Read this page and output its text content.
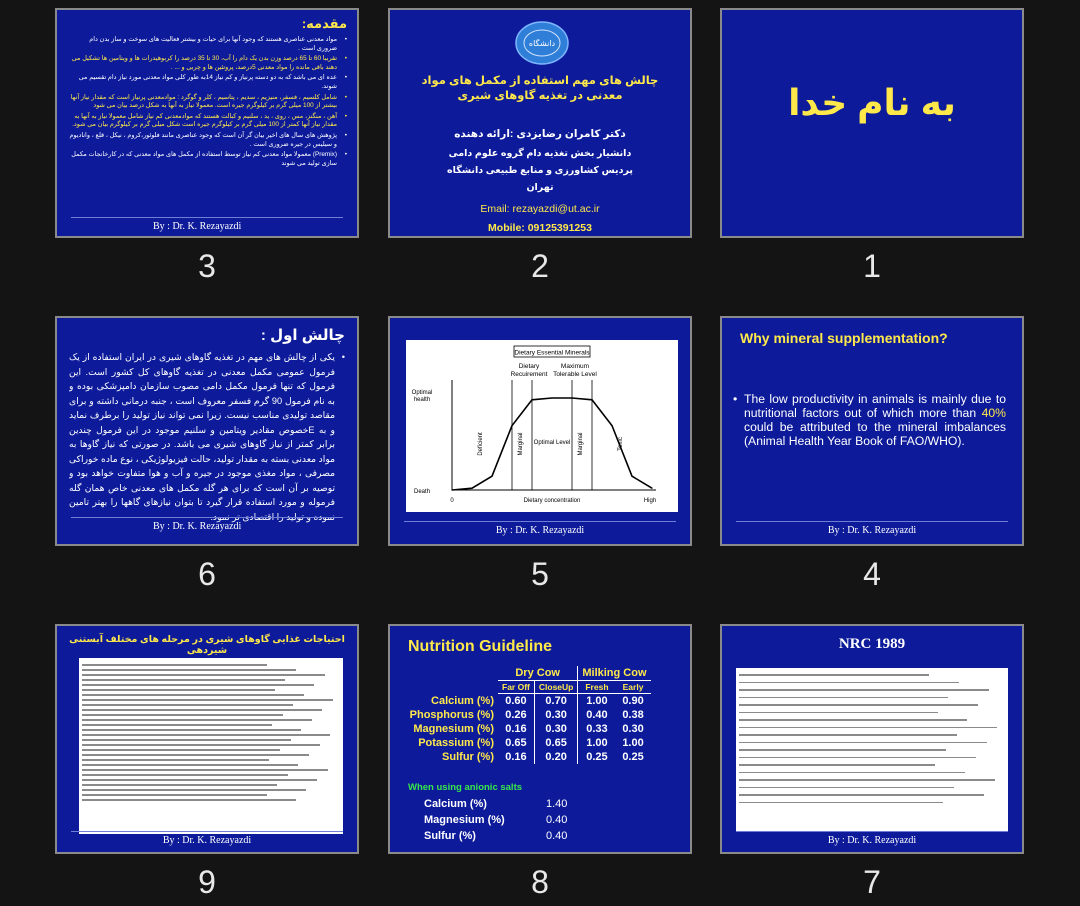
مقدمه:
• مواد معدنی عناصری هستند که وجود آنها برای حیات و بیشتر فعالیت های سوخت و ساز بدن دام ضروری است .
• تقریبا 60 تا 65 درصد وزن بدن یک دام را آب، 30 تا 35 درصد را کربوهیدرات ها و ویتامین ها تشکیل می دهند باقی مانده را مواد معدنی 5درصد، پروتئین ها و چربی و ... .
• عده ای می باشد که به دو دسته پرنیاز و کم نیاز 14به طور کلی مواد معدنی مورد نیاز دام تقسیم می شوند.
• شامل کلسیم ، فسفر، منیزیم ، سدیم ، پتاسیم ، کلر و گوگرد : موادمعدنی پرنیاز است که مقدار نیاز آنها بیشتر از 100 میلی گرم بر کیلوگرم جیره است. معمولا نیاز به آنها به شکل درصد بیان می شود
• آهن ، منگنز، مس ، روی ، ید ، سلنیم و کبالت هستند که موادمعدنی کم نیاز شامل معمولا نیاز به آنها به مقدار نیاز آنها کمتر از 100 میلی گرم بر کیلوگرم جیره است شکل میلی گرم بر کیلوگرم بیان می شود.
• پژوهش های سال های اخیر بیان گر آن است که وجود عناصری مانند فلوئور،کروم ، نیکل ، قلع ، وانادیوم و سیلیس در جیره ضروری است .
• (Premix) معمولا مواد معدنی کم نیاز توسط استفاده از مکمل های مواد معدنی که در کارخانجات مکمل سازی تولید می شوند
By : Dr. K. Rezayazdi
3
دانشگاه
چالش های مهم استفاده از مکمل های مواد معدنی در تغذیه گاوهای شیری
دکتر کامران رضایزدی :ارائه دهنده
دانشیار بخش تغذیه دام گروه علوم دامی
پردیس کشاورزی و منابع طبیعی دانشگاه
تهران
Email: rezayazdi@ut.ac.ir
Mobile: 09125391253
2
به نام خدا
1
چالش اول :
• یکی از چالش های مهم در تغذیه گاوهای شیری در ایران استفاده از یک فرمول عمومی مکمل معدنی در تغذیه گاوهای کل کشور است. این فرمول که تنها فرمول مکمل دامی مصوب سازمان دامپزشکی بوده و به نام فرمول 90 گرم فسفر معروف است ، جنبه درمانی داشته و برای مقاصد تولیدی مناسب نیست. زیرا نمی تواند نیاز تولید را برطرف نماید و به Eخصوص مقادیر ویتامین و سلنیم موجود در این فرمول چندین برابر کمتر از نیاز گاوهای شیری می باشد. در صورتی که نیاز گاوها به مواد معدنی بسته به مقدار تولید، حالت فیزیولوژیکی ، نوع ماده خوراکی مصرفی ، مواد مغذی موجود در جیره و آب و هوا متفاوت خواهد بود و توصیه بر آن است که برای هر گله مکمل های معدنی خاص همان گله فرموله و مورد استفاده قرار گیرد تا بتوان نیازهای گاهها را بهتر تامین نموده و تولید را اقتصادی تر نمود.
By : Dr. K. Rezayazdi
6
Dietary Essential Minerals
Dietary
Recuirement
Maximum
Tolerable Level
Optimal
health
Death
Deficient	Marginal Optimal Level Marginal	Toxic
0	High
Dietary concentration
By : Dr. K. Rezayazdi
5
Why mineral supplementation?
• The low productivity in animals is mainly due to nutritional factors out of which more than 40% could be attributed to the mineral imbalances (Animal Health Year Book of FAO/WHO).
By : Dr. K. Rezayazdi
4
احتیاجات غذایی گاوهای شیری در مرحله های مختلف آبستنی شیردهی
By : Dr. K. Rezayazdi
9
Nutrition Guideline
	Dry Cow		Milking Cow	
	Far Off	CloseUp	Fresh	Early
Calcium (%)	0.60	0.70	1.00	0.90
Phosphorus (%)	0.26	0.30	0.40	0.38
Magnesium (%)	0.16	0.30	0.33	0.30
Potassium (%)	0.65	0.65	1.00	1.00
Sulfur (%)	0.16	0.20	0.25	0.25
When using anionic salts
Calcium (%)	1.40
Magnesium (%)	0.40
Sulfur (%)	0.40
8
NRC 1989
By : Dr. K. Rezayazdi
7
